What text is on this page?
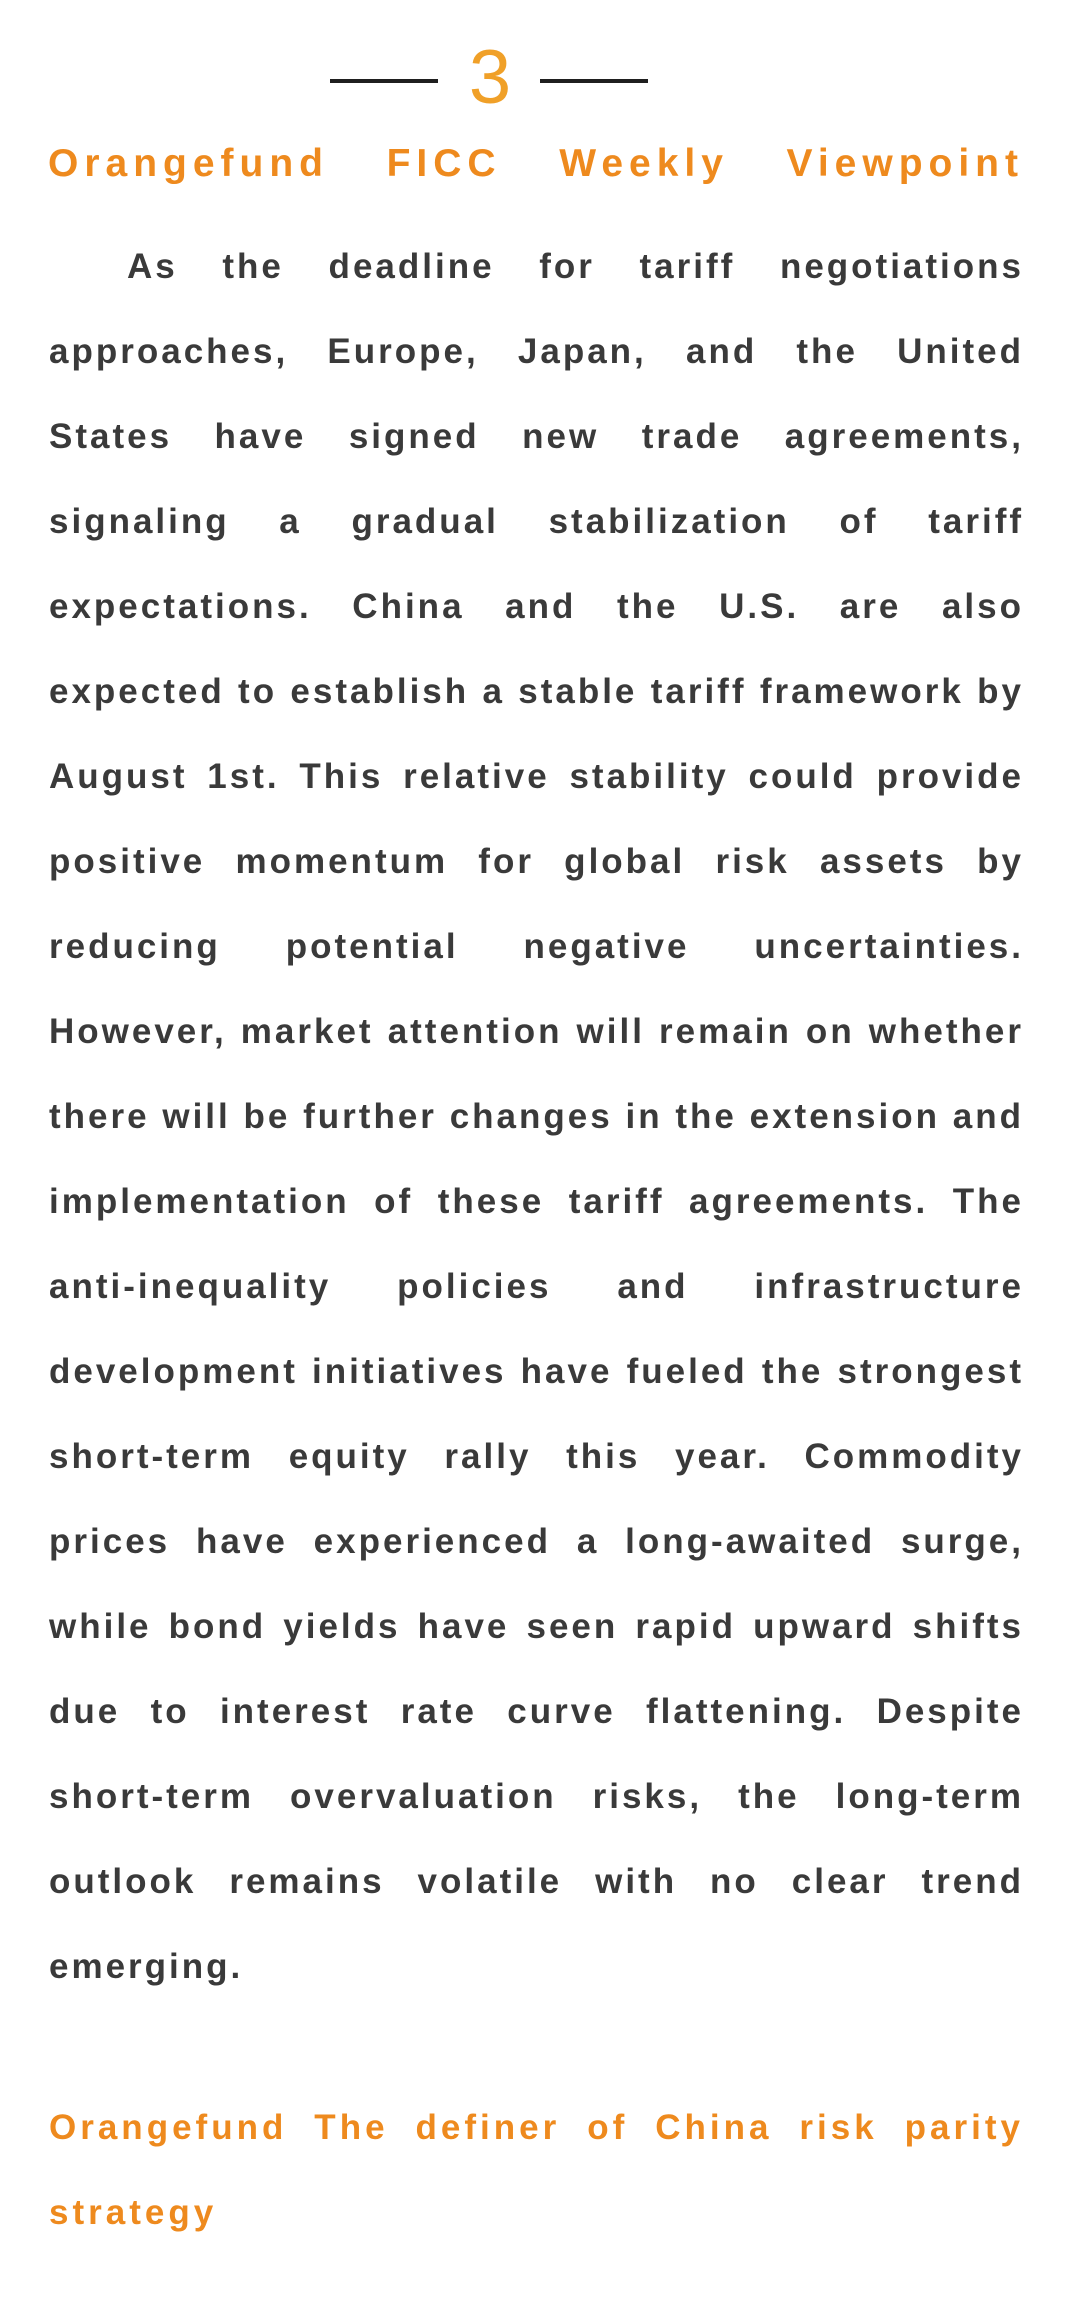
3
Orangefund FICC Weekly Viewpoint

As the deadline for tariff negotiations approaches, Europe, Japan, and the United States have signed new trade agreements, signaling a gradual stabilization of tariff expectations. China and the U.S. are also expected to establish a stable tariff framework by August 1st. This relative stability could provide positive momentum for global risk assets by reducing potential negative uncertainties. However, market attention will remain on whether there will be further changes in the extension and implementation of these tariff agreements. The anti-inequality policies and infrastructure development initiatives have fueled the strongest short-term equity rally this year. Commodity prices have experienced a long-awaited surge, while bond yields have seen rapid upward shifts due to interest rate curve flattening. Despite short-term overvaluation risks, the long-term outlook remains volatile with no clear trend emerging.

Orangefund The definer of China risk parity strategy
